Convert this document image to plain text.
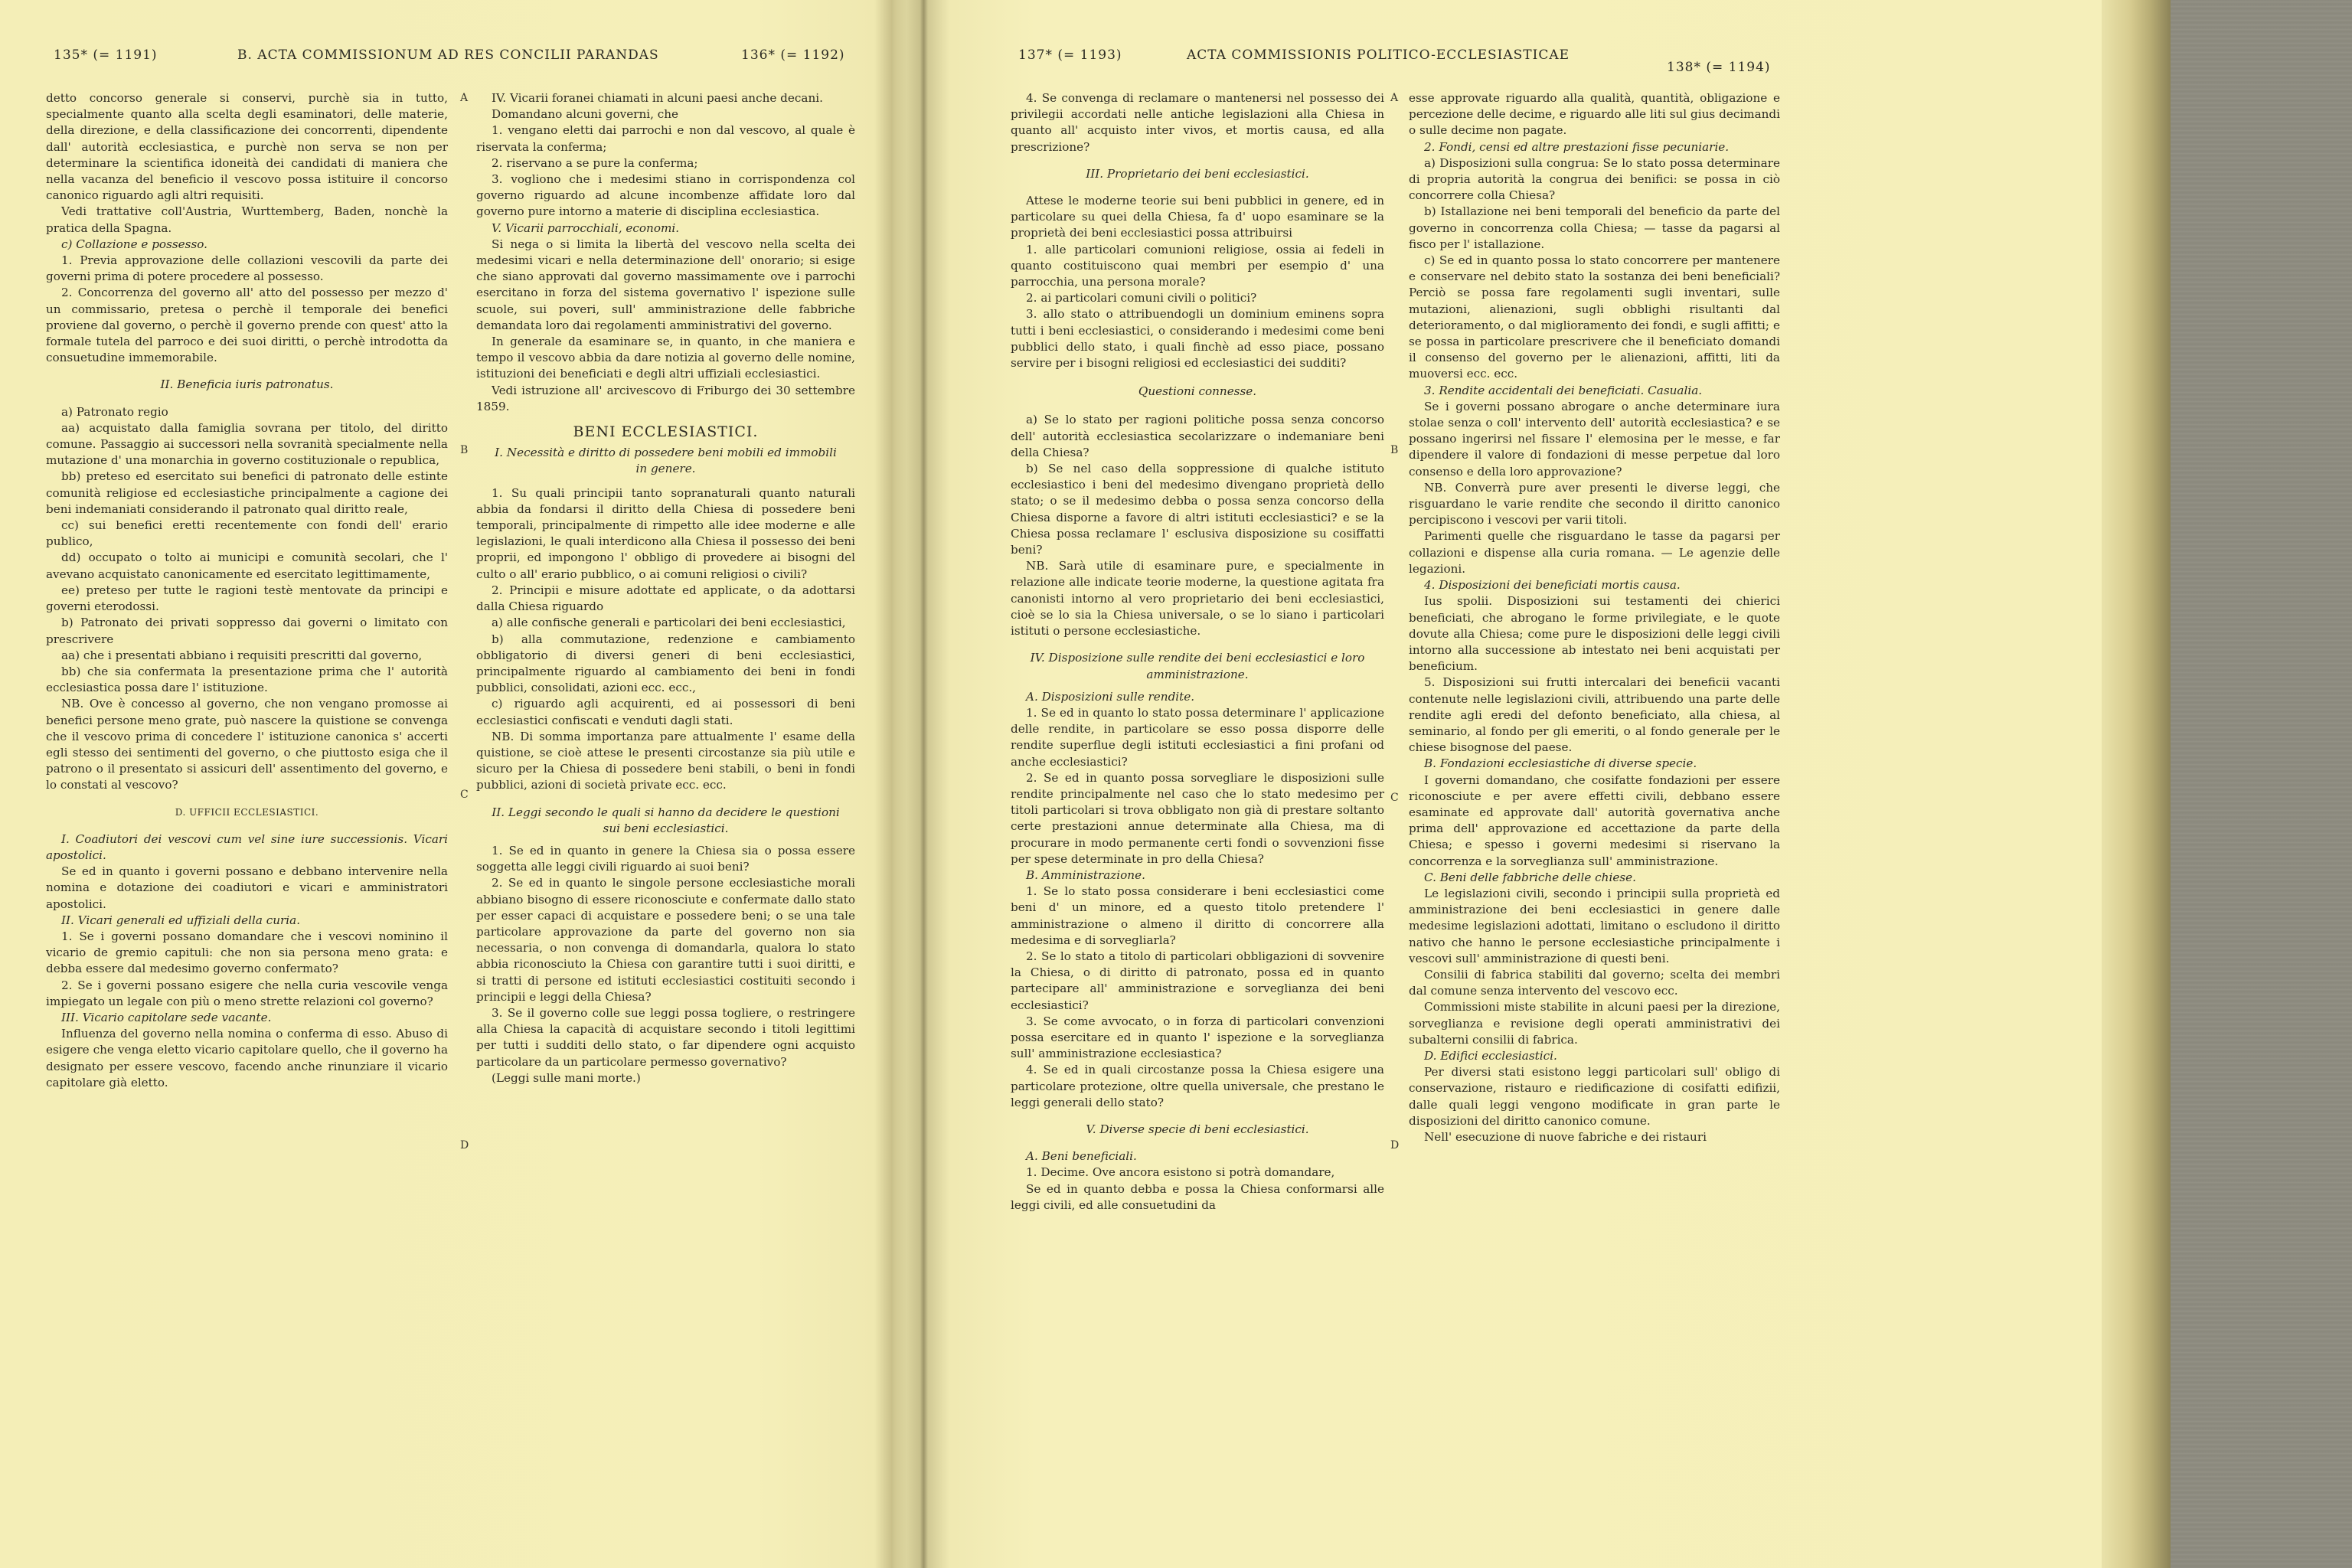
135* (= 1191)	B. ACTA COMMISSIONUM AD RES CONCILII PARANDAS	136* (= 1192)

detto concorso generale si conservi, purchè sia in tutto, specialmente quanto alla scelta degli esaminatori, delle materie, della direzione, e della classificazione dei concorrenti, dipendente dall' autorità ecclesiastica, e purchè non serva se non per determinare la scientifica idoneità dei candidati di maniera che nella vacanza del beneficio il vescovo possa istituire il concorso canonico riguardo agli altri requisiti.

Vedi trattative coll'Austria, Wurttemberg, Baden, nonchè la pratica della Spagna.

c) Collazione e possesso.

1. Previa approvazione delle collazioni vescovili da parte dei governi prima di potere procedere al possesso.

2. Concorrenza del governo all' atto del possesso per mezzo d' un commissario, pretesa o perchè il temporale dei benefici proviene dal governo, o perchè il governo prende con quest' atto la formale tutela del parroco e dei suoi diritti, o perchè introdotta da consuetudine immemorabile.

II. Beneficia iuris patronatus.

a) Patronato regio

aa) acquistato dalla famiglia sovrana per titolo, del diritto comune. Passaggio ai successori nella sovranità specialmente nella mutazione d' una monarchia in governo costituzionale o republica,

bb) preteso ed esercitato sui benefici di patronato delle estinte comunità religiose ed ecclesiastiche principalmente a cagione dei beni indemaniati considerando il patronato qual diritto reale,

cc) sui benefici eretti recentemente con fondi dell' erario publico,

dd) occupato o tolto ai municipi e comunità secolari, che l' avevano acquistato canonicamente ed esercitato legittimamente,

ee) preteso per tutte le ragioni testè mentovate da principi e governi eterodossi.

b) Patronato dei privati soppresso dai governi o limitato con prescrivere

aa) che i presentati abbiano i requisiti prescritti dal governo,

bb) che sia confermata la presentazione prima che l' autorità ecclesiastica possa dare l' istituzione.

NB. Ove è concesso al governo, che non vengano promosse ai benefici persone meno grate, può nascere la quistione se convenga che il vescovo prima di concedere l' istituzione canonica s' accerti egli stesso dei sentimenti del governo, o che piuttosto esiga che il patrono o il presentato si assicuri dell' assentimento del governo, e lo constati al vescovo?

D. UFFICII ECCLESIASTICI.

I. Coadiutori dei vescovi cum vel sine iure successionis. Vicari apostolici.

Se ed in quanto i governi possano e debbano intervenire nella nomina e dotazione dei coadiutori e vicari e amministratori apostolici.

II. Vicari generali ed uffiziali della curia.

1. Se i governi possano domandare che i vescovi nominino il vicario de gremio capituli: che non sia persona meno grata: e debba essere dal medesimo governo confermato?

2. Se i governi possano esigere che nella curia vescovile venga impiegato un legale con più o meno strette relazioni col governo?

III. Vicario capitolare sede vacante.

Influenza del governo nella nomina o conferma di esso. Abuso di esigere che venga eletto vicario capitolare quello, che il governo ha designato per essere vescovo, facendo anche rinunziare il vicario capitolare già eletto.

IV. Vicarii foranei chiamati in alcuni paesi anche decani.

Domandano alcuni governi, che

1. vengano eletti dai parrochi e non dal vescovo, al quale è riservata la conferma;

2. riservano a se pure la conferma;

3. vogliono che i medesimi stiano in corrispondenza col governo riguardo ad alcune incombenze affidate loro dal governo pure intorno a materie di disciplina ecclesiastica.

V. Vicarii parrocchiali, economi.

Si nega o si limita la libertà del vescovo nella scelta dei medesimi vicari e nella determinazione dell' onorario; si esige che siano approvati dal governo massimamente ove i parrochi esercitano in forza del sistema governativo l' ispezione sulle scuole, sui poveri, sull' amministrazione delle fabbriche demandata loro dai regolamenti amministrativi del governo.

In generale da esaminare se, in quanto, in che maniera e tempo il vescovo abbia da dare notizia al governo delle nomine, istituzioni dei beneficiati e degli altri uffiziali ecclesiastici.

Vedi istruzione all' arcivescovo di Friburgo dei 30 settembre 1859.

BENI ECCLESIASTICI.

I. Necessità e diritto di possedere beni mobili ed immobili in genere.

1. Su quali principii tanto sopranaturali quanto naturali abbia da fondarsi il diritto della Chiesa di possedere beni temporali, principalmente di rimpetto alle idee moderne e alle legislazioni, le quali interdicono alla Chiesa il possesso dei beni proprii, ed impongono l' obbligo di provedere ai bisogni del culto o all' erario pubblico, o ai comuni religiosi o civili?

2. Principii e misure adottate ed applicate, o da adottarsi dalla Chiesa riguardo

a) alle confische generali e particolari dei beni ecclesiastici,

b) alla commutazione, redenzione e cambiamento obbligatorio di diversi generi di beni ecclesiastici, principalmente riguardo al cambiamento dei beni in fondi pubblici, consolidati, azioni ecc. ecc.,

c) riguardo agli acquirenti, ed ai possessori di beni ecclesiastici confiscati e venduti dagli stati.

NB. Di somma importanza pare attualmente l' esame della quistione, se cioè attese le presenti circostanze sia più utile e sicuro per la Chiesa di possedere beni stabili, o beni in fondi pubblici, azioni di società private ecc. ecc.

II. Leggi secondo le quali si hanno da decidere le questioni sui beni ecclesiastici.

1. Se ed in quanto in genere la Chiesa sia o possa essere soggetta alle leggi civili riguardo ai suoi beni?

2. Se ed in quanto le singole persone ecclesiastiche morali abbiano bisogno di essere riconosciute e confermate dallo stato per esser capaci di acquistare e possedere beni; o se una tale particolare approvazione da parte del governo non sia necessaria, o non convenga di domandarla, qualora lo stato abbia riconosciuto la Chiesa con garantire tutti i suoi diritti, e si tratti di persone ed istituti ecclesiastici costituiti secondo i principii e leggi della Chiesa?

3. Se il governo colle sue leggi possa togliere, o restringere alla Chiesa la capacità di acquistare secondo i titoli legittimi per tutti i sudditi dello stato, o far dipendere ogni acquisto particolare da un particolare permesso governativo?

(Leggi sulle mani morte.)

A
B
C
D
137* (= 1193)	ACTA COMMISSIONIS POLITICO-ECCLESIASTICAE
138* (= 1194)

4. Se convenga di reclamare o mantenersi nel possesso dei privilegii accordati nelle antiche legislazioni alla Chiesa in quanto all' acquisto inter vivos, et mortis causa, ed alla prescrizione?

III. Proprietario dei beni ecclesiastici.

Attese le moderne teorie sui beni pubblici in genere, ed in particolare su quei della Chiesa, fa d' uopo esaminare se la proprietà dei beni ecclesiastici possa attribuirsi

1. alle particolari comunioni religiose, ossia ai fedeli in quanto costituiscono quai membri per esempio d' una parrocchia, una persona morale?

2. ai particolari comuni civili o politici?

3. allo stato o attribuendogli un dominium eminens sopra tutti i beni ecclesiastici, o considerando i medesimi come beni pubblici dello stato, i quali finchè ad esso piace, possano servire per i bisogni religiosi ed ecclesiastici dei sudditi?

Questioni connesse.

a) Se lo stato per ragioni politiche possa senza concorso dell' autorità ecclesiastica secolarizzare o indemaniare beni della Chiesa?

b) Se nel caso della soppressione di qualche istituto ecclesiastico i beni del medesimo divengano proprietà dello stato; o se il medesimo debba o possa senza concorso della Chiesa disporne a favore di altri istituti ecclesiastici? e se la Chiesa possa reclamare l' esclusiva disposizione su cosiffatti beni?

NB. Sarà utile di esaminare pure, e specialmente in relazione alle indicate teorie moderne, la questione agitata fra canonisti intorno al vero proprietario dei beni ecclesiastici, cioè se lo sia la Chiesa universale, o se lo siano i particolari istituti o persone ecclesiastiche.

IV. Disposizione sulle rendite dei beni ecclesiastici e loro amministrazione.

A. Disposizioni sulle rendite.

1. Se ed in quanto lo stato possa determinare l' applicazione delle rendite, in particolare se esso possa disporre delle rendite superflue degli istituti ecclesiastici a fini profani od anche ecclesiastici?

2. Se ed in quanto possa sorvegliare le disposizioni sulle rendite principalmente nel caso che lo stato medesimo per titoli particolari si trova obbligato non già di prestare soltanto certe prestazioni annue determinate alla Chiesa, ma di procurare in modo permanente certi fondi o sovvenzioni fisse per spese determinate in pro della Chiesa?

B. Amministrazione.

1. Se lo stato possa considerare i beni ecclesiastici come beni d' un minore, ed a questo titolo pretendere l' amministrazione o almeno il diritto di concorrere alla medesima e di sorvegliarla?

2. Se lo stato a titolo di particolari obbligazioni di sovvenire la Chiesa, o di diritto di patronato, possa ed in quanto partecipare all' amministrazione e sorveglianza dei beni ecclesiastici?

3. Se come avvocato, o in forza di particolari convenzioni possa esercitare ed in quanto l' ispezione e la sorveglianza sull' amministrazione ecclesiastica?

4. Se ed in quali circostanze possa la Chiesa esigere una particolare protezione, oltre quella universale, che prestano le leggi generali dello stato?

V. Diverse specie di beni ecclesiastici.

A. Beni beneficiali.

1. Decime. Ove ancora esistono si potrà domandare,

Se ed in quanto debba e possa la Chiesa conformarsi alle leggi civili, ed alle consuetudini da

esse approvate riguardo alla qualità, quantità, obligazione e percezione delle decime, e riguardo alle liti sul gius decimandi o sulle decime non pagate.

2. Fondi, censi ed altre prestazioni fisse pecuniarie.

a) Disposizioni sulla congrua: Se lo stato possa determinare di propria autorità la congrua dei benifici: se possa in ciò concorrere colla Chiesa?

b) Istallazione nei beni temporali del beneficio da parte del governo in concorrenza colla Chiesa; — tasse da pagarsi al fisco per l' istallazione.

c) Se ed in quanto possa lo stato concorrere per mantenere e conservare nel debito stato la sostanza dei beni beneficiali? Perciò se possa fare regolamenti sugli inventari, sulle mutazioni, alienazioni, sugli obblighi risultanti dal deterioramento, o dal miglioramento dei fondi, e sugli affitti; e se possa in particolare prescrivere che il beneficiato domandi il consenso del governo per le alienazioni, affitti, liti da muoversi ecc. ecc.

3. Rendite accidentali dei beneficiati. Casualia.

Se i governi possano abrogare o anche determinare iura stolae senza o coll' intervento dell' autorità ecclesiastica? e se possano ingerirsi nel fissare l' elemosina per le messe, e far dipendere il valore di fondazioni di messe perpetue dal loro consenso e della loro approvazione?

NB. Converrà pure aver presenti le diverse leggi, che risguardano le varie rendite che secondo il diritto canonico percipiscono i vescovi per varii titoli.

Parimenti quelle che risguardano le tasse da pagarsi per collazioni e dispense alla curia romana. — Le agenzie delle legazioni.

4. Disposizioni dei beneficiati mortis causa.

Ius spolii. Disposizioni sui testamenti dei chierici beneficiati, che abrogano le forme privilegiate, e le quote dovute alla Chiesa; come pure le disposizioni delle leggi civili intorno alla successione ab intestato nei beni acquistati per beneficium.

5. Disposizioni sui frutti intercalari dei beneficii vacanti contenute nelle legislazioni civili, attribuendo una parte delle rendite agli eredi del defonto beneficiato, alla chiesa, al seminario, al fondo per gli emeriti, o al fondo generale per le chiese bisognose del paese.

B. Fondazioni ecclesiastiche di diverse specie.

I governi domandano, che cosifatte fondazioni per essere riconosciute e per avere effetti civili, debbano essere esaminate ed approvate dall' autorità governativa anche prima dell' approvazione ed accettazione da parte della Chiesa; e spesso i governi medesimi si riservano la concorrenza e la sorveglianza sull' amministrazione.

C. Beni delle fabbriche delle chiese.

Le legislazioni civili, secondo i principii sulla proprietà ed amministrazione dei beni ecclesiastici in genere dalle medesime legislazioni adottati, limitano o escludono il diritto nativo che hanno le persone ecclesiastiche principalmente i vescovi sull' amministrazione di questi beni.

Consilii di fabrica stabiliti dal governo; scelta dei membri dal comune senza intervento del vescovo ecc.

Commissioni miste stabilite in alcuni paesi per la direzione, sorveglianza e revisione degli operati amministrativi dei subalterni consilii di fabrica.

D. Edifici ecclesiastici.

Per diversi stati esistono leggi particolari sull' obligo di conservazione, ristauro e riedificazione di cosifatti edifizii, dalle quali leggi vengono modificate in gran parte le disposizioni del diritto canonico comune.

Nell' esecuzione di nuove fabriche e dei ristauri

A
B
C
D
